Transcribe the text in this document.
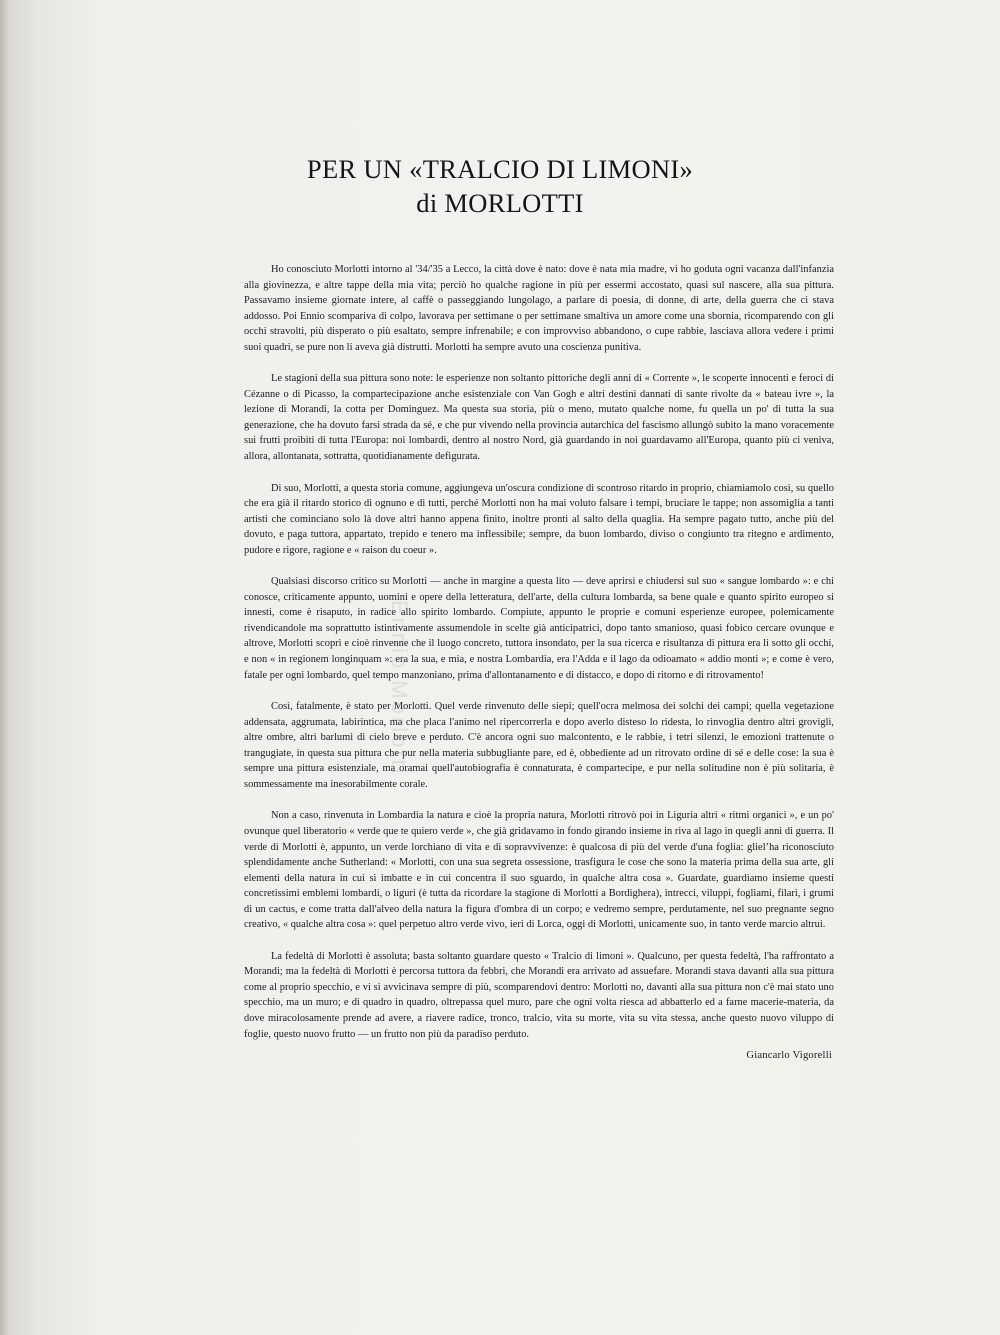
PER UN «TRALCIO DI LIMONI»
di MORLOTTI

Ho conosciuto Morlotti intorno al '34/'35 a Lecco, la città dove è nato: dove è nata mia madre, vi ho goduta ogni vacanza dall'infanzia alla giovinezza, e altre tappe della mia vita; perciò ho qualche ragione in più per essermi accostato, quasi sul nascere, alla sua pittura. Passavamo insieme giornate intere, al caffè o passeggiando lungolago, a parlare di poesia, di donne, di arte, della guerra che ci stava addosso. Poi Ennio scompariva di colpo, lavorava per settimane o per settimane smaltiva un amore come una sbornia, ricomparendo con gli occhi stravolti, più disperato o più esaltato, sempre infrenabile; e con improvviso abbandono, o cupe rabbie, lasciava allora vedere i primi suoi quadri, se pure non li aveva già distrutti. Morlotti ha sempre avuto una coscienza punitiva.

Le stagioni della sua pittura sono note: le esperienze non soltanto pittoriche degli anni di « Corrente », le scoperte innocenti e feroci di Cézanne o di Picasso, la compartecipazione anche esistenziale con Van Gogh e altri destini dannati di sante rivolte da « bateau ivre », la lezione di Morandi, la cotta per Dominguez. Ma questa sua storia, più o meno, mutato qualche nome, fu quella un po' di tutta la sua generazione, che ha dovuto farsi strada da sé, e che pur vivendo nella provincia autarchica del fascismo allungò subito la mano voracemente sui frutti proibiti di tutta l'Europa: noi lombardi, dentro al nostro Nord, già guardando in noi guardavamo all'Europa, quanto più ci veniva, allora, allontanata, sottratta, quotidianamente defigurata.

Di suo, Morlotti, a questa storia comune, aggiungeva un'oscura condizione di scontroso ritardo in proprio, chiamiamolo così, su quello che era già il ritardo storico di ognuno e di tutti, perché Morlotti non ha mai voluto falsare i tempi, bruciare le tappe; non assomiglia a tanti artisti che cominciano solo là dove altri hanno appena finito, inoltre pronti al salto della quaglia. Ha sempre pagato tutto, anche più del dovuto, e paga tuttora, appartato, trepido e tenero ma inflessibile; sempre, da buon lombardo, diviso o congiunto tra ritegno e ardimento, pudore e rigore, ragione e « raison du coeur ».

Qualsiasi discorso critico su Morlotti — anche in margine a questa lito — deve aprirsi e chiudersi sul suo « sangue lombardo »: e chi conosce, criticamente appunto, uomini e opere della letteratura, dell'arte, della cultura lombarda, sa bene quale e quanto spirito europeo si innesti, come è risaputo, in radice allo spirito lombardo. Compiute, appunto le proprie e comuni esperienze europee, polemicamente rivendicandole ma soprattutto istintivamente assumendole in scelte già anticipatrici, dopo tanto smanioso, quasi fobico cercare ovunque e altrove, Morlotti scoprì e cioè rinvenne che il luogo concreto, tuttora insondato, per la sua ricerca e risultanza di pittura era lì sotto gli occhi, e non « in regionem longinquam »: era la sua, e mia, e nostra Lombardia, era l'Adda e il lago da odioamato « addio monti »; e come è vero, fatale per ogni lombardo, quel tempo manzoniano, prima d'allontanamento e di distacco, e dopo di ritorno e di ritrovamento!

Così, fatalmente, è stato per Morlotti. Quel verde rinvenuto delle siepi; quell'ocra melmosa dei solchi dei campi; quella vegetazione addensata, aggrumata, labirintica, ma che placa l'animo nel ripercorrerla e dopo averlo disteso lo ridesta, lo rinvoglia dentro altri grovigli, altre ombre, altri barlumi di cielo breve e perduto. C'è ancora ogni suo malcontento, e le rabbie, i tetri silenzi, le emozioni trattenute o trangugiate, in questa sua pittura che pur nella materia subbugliante pare, ed è, obbediente ad un ritrovato ordine di sé e delle cose: la sua è sempre una pittura esistenziale, ma oramai quell'autobiografia è connaturata, è compartecipe, e pur nella solitudine non è più solitaria, è sommessamente ma inesorabilmente corale.

Non a caso, rinvenuta in Lombardia la natura e cioè la propria natura, Morlotti ritrovò poi in Liguria altri « ritmi organici », e un po' ovunque quel liberatorio « verde que te quiero verde », che già gridavamo in fondo girando insieme in riva al lago in quegli anni di guerra. Il verde di Morlotti è, appunto, un verde lorchiano di vita e di sopravvivenze: è qualcosa di più del verde d'una foglia: glielʼha riconosciuto splendidamente anche Sutherland: « Morlotti, con una sua segreta ossessione, trasfigura le cose che sono la materia prima della sua arte, gli elementi della natura in cui si imbatte e in cui concentra il suo sguardo, in qualche altra cosa ». Guardate, guardiamo insieme questi concretissimi emblemi lombardi, o liguri (è tutta da ricordare la stagione di Morlotti a Bordighera), intrecci, viluppi, fogliami, filari, i grumi di un cactus, e come tratta dall'alveo della natura la figura d'ombra di un corpo; e vedremo sempre, perdutamente, nel suo pregnante segno creativo, « qualche altra cosa »: quel perpetuo altro verde vivo, ieri di Lorca, oggi di Morlotti, unicamente suo, in tanto verde marcio altrui.

La fedeltà di Morlotti è assoluta; basta soltanto guardare questo « Tralcio di limoni ». Qualcuno, per questa fedeltà, l'ha raffrontato a Morandi; ma la fedeltà di Morlotti è percorsa tuttora da febbri, che Morandi era arrivato ad assuefare. Morandi stava davanti alla sua pittura come al proprio specchio, e vi si avvicinava sempre di più, scomparendovi dentro: Morlotti no, davanti alla sua pittura non c'è mai stato uno specchio, ma un muro; e di quadro in quadro, oltrepassa quel muro, pare che ogni volta riesca ad abbatterlo ed a farne macerie-materia, da dove miracolosamente prende ad avere, a riavere radice, tronco, tralcio, vita su morte, vita su vita stessa, anche questo nuovo viluppo di foglie, questo nuovo frutto — un frutto non più da paradiso perduto.

Giancarlo Vigorelli
Ennio Morlotti
